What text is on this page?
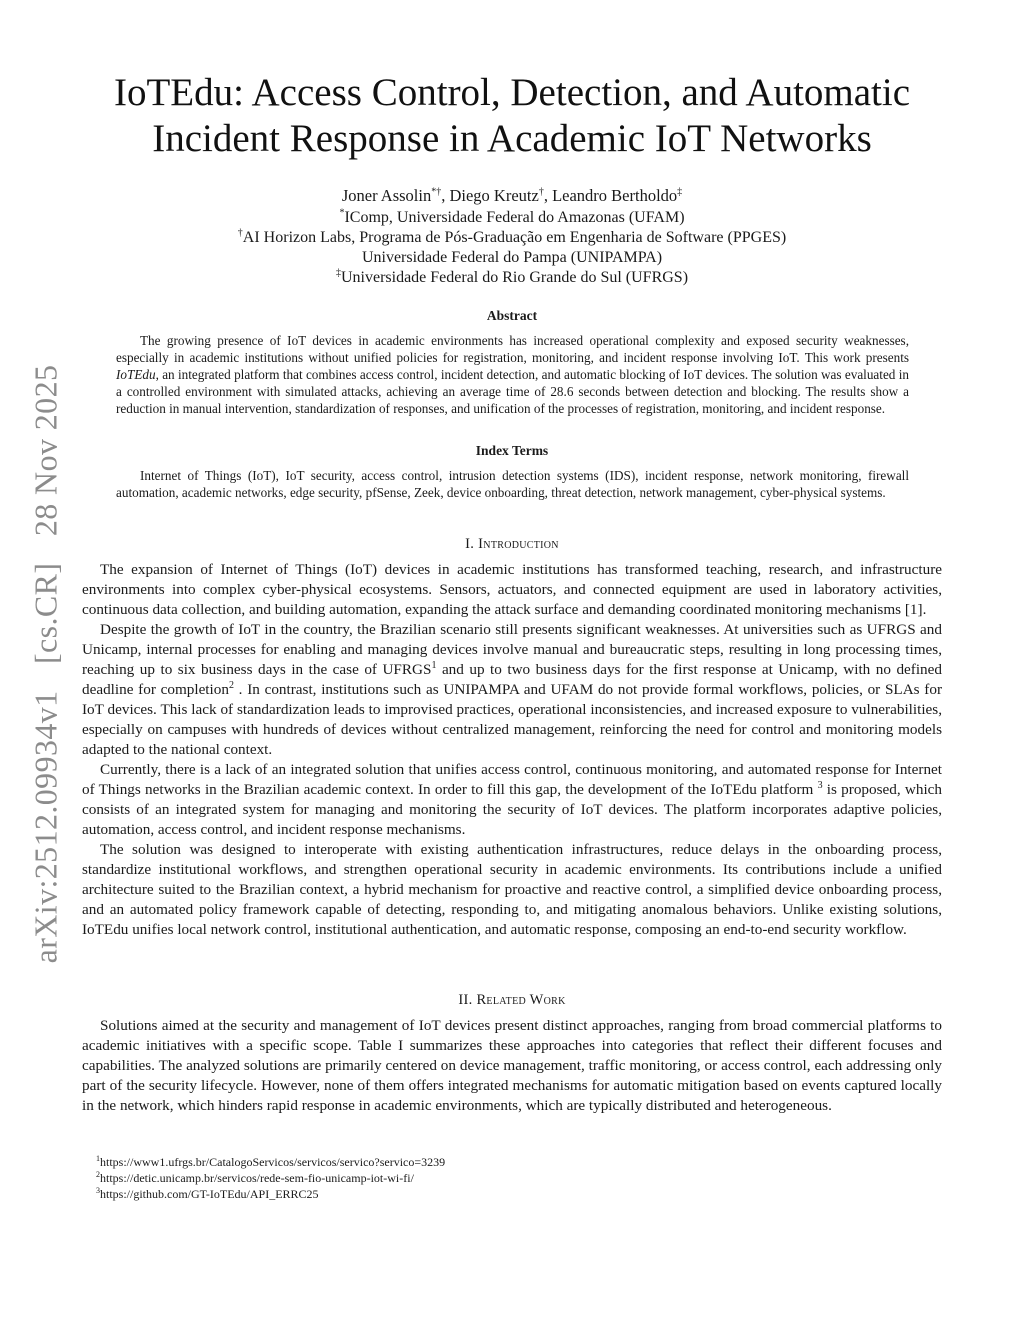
arXiv:2512.09934v1 [cs.CR] 28 Nov 2025
IoTEdu: Access Control, Detection, and Automatic
Incident Response in Academic IoT Networks
Joner Assolin*†, Diego Kreutz†, Leandro Bertholdo‡
*IComp, Universidade Federal do Amazonas (UFAM)
†AI Horizon Labs, Programa de Pós-Graduação em Engenharia de Software (PPGES)
Universidade Federal do Pampa (UNIPAMPA)
‡Universidade Federal do Rio Grande do Sul (UFRGS)
Abstract
The growing presence of IoT devices in academic environments has increased operational complexity and exposed security weaknesses, especially in academic institutions without unified policies for registration, monitoring, and incident response involving IoT. This work presents IoTEdu, an integrated platform that combines access control, incident detection, and automatic blocking of IoT devices. The solution was evaluated in a controlled environment with simulated attacks, achieving an average time of 28.6 seconds between detection and blocking. The results show a reduction in manual intervention, standardization of responses, and unification of the processes of registration, monitoring, and incident response.
Index Terms
Internet of Things (IoT), IoT security, access control, intrusion detection systems (IDS), incident response, network monitoring, firewall automation, academic networks, edge security, pfSense, Zeek, device onboarding, threat detection, network management, cyber-physical systems.
I. Introduction

The expansion of Internet of Things (IoT) devices in academic institutions has transformed teaching, research, and infrastructure environments into complex cyber-physical ecosystems. Sensors, actuators, and connected equipment are used in laboratory activities, continuous data collection, and building automation, expanding the attack surface and demanding coordinated monitoring mechanisms [1].

Despite the growth of IoT in the country, the Brazilian scenario still presents significant weaknesses. At universities such as UFRGS and Unicamp, internal processes for enabling and managing devices involve manual and bureaucratic steps, resulting in long processing times, reaching up to six business days in the case of UFRGS$^1$ and up to two business days for the first response at Unicamp, with no defined deadline for completion$^2$ . In contrast, institutions such as UNIPAMPA and UFAM do not provide formal workflows, policies, or SLAs for IoT devices. This lack of standardization leads to improvised practices, operational inconsistencies, and increased exposure to vulnerabilities, especially on campuses with hundreds of devices without centralized management, reinforcing the need for control and monitoring models adapted to the national context.

Currently, there is a lack of an integrated solution that unifies access control, continuous monitoring, and automated response for Internet of Things networks in the Brazilian academic context. In order to fill this gap, the development of the IoTEdu platform $^3$ is proposed, which consists of an integrated system for managing and monitoring the security of IoT devices. The platform incorporates adaptive policies, automation, access control, and incident response mechanisms.

The solution was designed to interoperate with existing authentication infrastructures, reduce delays in the onboarding process, standardize institutional workflows, and strengthen operational security in academic environments. Its contributions include a unified architecture suited to the Brazilian context, a hybrid mechanism for proactive and reactive control, a simplified device onboarding process, and an automated policy framework capable of detecting, responding to, and mitigating anomalous behaviors. Unlike existing solutions, IoTEdu unifies local network control, institutional authentication, and automatic response, composing an end-to-end security workflow.

II. Related Work

Solutions aimed at the security and management of IoT devices present distinct approaches, ranging from broad commercial platforms to academic initiatives with a specific scope. Table I summarizes these approaches into categories that reflect their different focuses and capabilities. The analyzed solutions are primarily centered on device management, traffic monitoring, or access control, each addressing only part of the security lifecycle. However, none of them offers integrated mechanisms for automatic mitigation based on events captured locally in the network, which hinders rapid response in academic environments, which are typically distributed and heterogeneous.

$^1$https://www1.ufrgs.br/CatalogoServicos/servicos/servico?servico=3239
$^2$https://detic.unicamp.br/servicos/rede-sem-fio-unicamp-iot-wi-fi/
$^3$https://github.com/GT-IoTEdu/API_ERRC25
